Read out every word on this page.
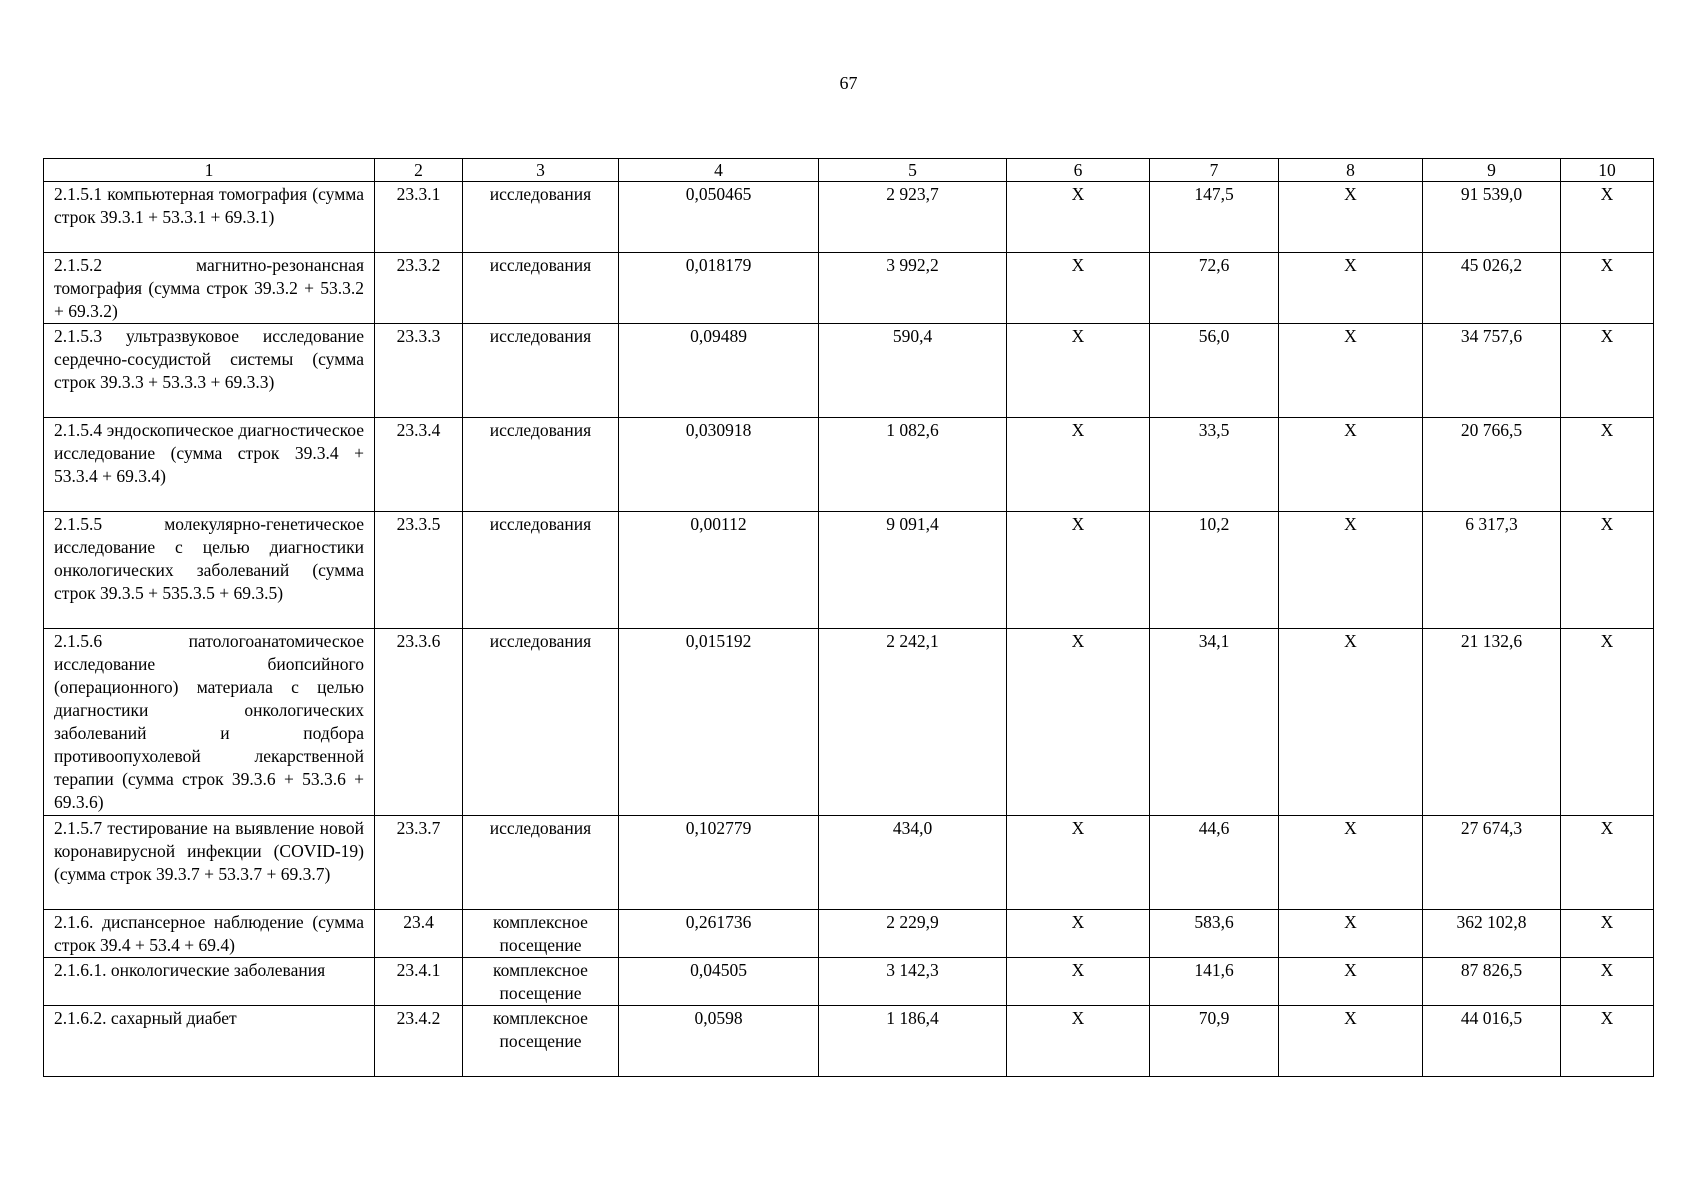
67
1	2	3	4	5	6	7	8	9	10
2.1.5.1 компьютерная томография (сумма строк 39.3.1 + 53.3.1 + 69.3.1)	23.3.1	исследования	0,050465	2 923,7	Х	147,5	Х	91 539,0	Х
2.1.5.2 магнитно-резонансная томография (сумма строк 39.3.2 + 53.3.2 + 69.3.2)	23.3.2	исследования	0,018179	3 992,2	Х	72,6	Х	45 026,2	Х
2.1.5.3 ультразвуковое исследование сердечно-сосудистой системы (сумма строк 39.3.3 + 53.3.3 + 69.3.3)	23.3.3	исследования	0,09489	590,4	Х	56,0	Х	34 757,6	Х
2.1.5.4 эндоскопическое диагностическое исследование (сумма строк 39.3.4 + 53.3.4 + 69.3.4)	23.3.4	исследования	0,030918	1 082,6	Х	33,5	Х	20 766,5	Х
2.1.5.5 молекулярно-генетическое исследование с целью диагностики онкологических заболеваний (сумма строк 39.3.5 + 535.3.5 + 69.3.5)	23.3.5	исследования	0,00112	9 091,4	Х	10,2	Х	6 317,3	Х
2.1.5.6 патологоанатомическое исследование биопсийного (операционного) материала с целью диагностики онкологических заболеваний и подбора противоопухолевой лекарственной терапии (сумма строк 39.3.6 + 53.3.6 + 69.3.6)	23.3.6	исследования	0,015192	2 242,1	Х	34,1	Х	21 132,6	Х
2.1.5.7 тестирование на выявление новой коронавирусной инфекции (COVID-19) (сумма строк 39.3.7 + 53.3.7 + 69.3.7)	23.3.7	исследования	0,102779	434,0	Х	44,6	Х	27 674,3	Х
2.1.6. диспансерное наблюдение (сумма строк 39.4 + 53.4 + 69.4)	23.4	комплексное посещение	0,261736	2 229,9	Х	583,6	Х	362 102,8	Х
2.1.6.1. онкологические заболевания	23.4.1	комплексное посещение	0,04505	3 142,3	Х	141,6	Х	87 826,5	Х
2.1.6.2. сахарный диабет	23.4.2	комплексное посещение	0,0598	1 186,4	Х	70,9	Х	44 016,5	Х
